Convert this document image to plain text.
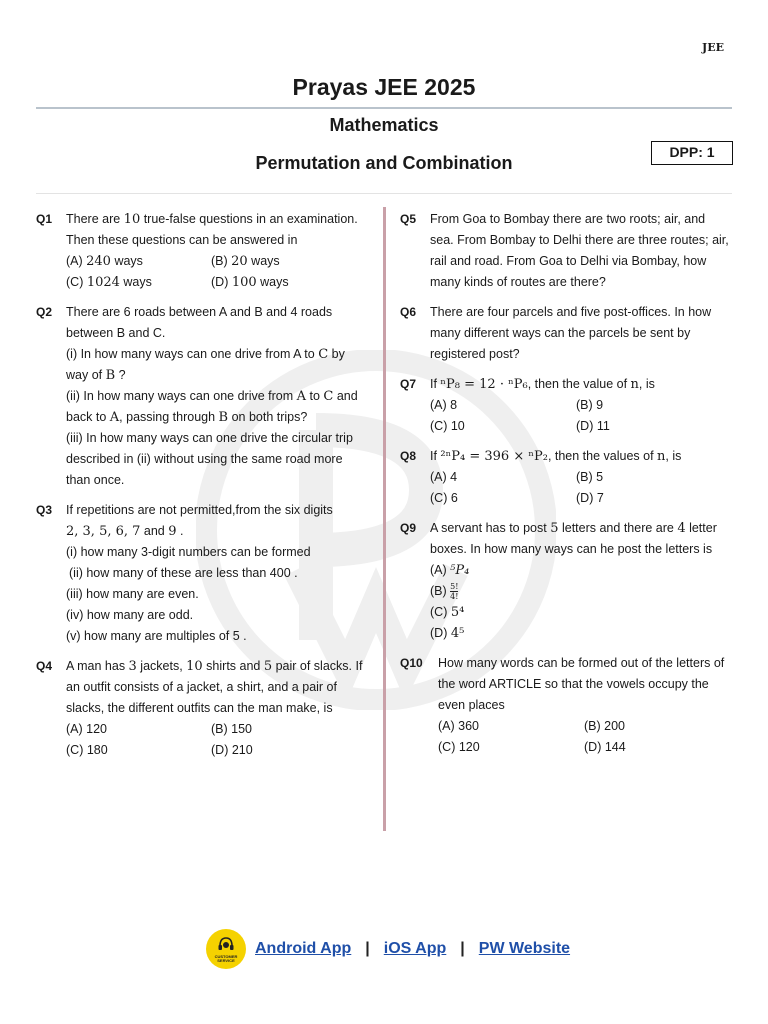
JEE
Prayas JEE 2025
Mathematics
Permutation and Combination
DPP: 1
Q1 There are 10 true-false questions in an examination. Then these questions can be answered in
(A) 240 ways	(B) 20 ways
(C) 1024 ways	(D) 100 ways
Q2 There are 6 roads between A and B and 4 roads between B and C.
(i) In how many ways can one drive from A to C by way of B ?
(ii) In how many ways can one drive from A to C and back to A, passing through B on both trips?
(iii) In how many ways can one drive the circular trip described in (ii) without using the same road more than once.
Q3 If repetitions are not permitted,from the six digits
2, 3, 5, 6, 7 and 9 .
(i) how many 3-digit numbers can be formed
(ii) how many of these are less than 400 .
(iii) how many are even.
(iv) how many are odd.
(v) how many are multiples of 5 .
Q4 A man has 3 jackets, 10 shirts and 5 pair of slacks. If an outfit consists of a jacket, a shirt, and a pair of slacks, the different outfits can the man make, is
(A) 120	(B) 150
(C) 180	(D) 210
Q5 From Goa to Bombay there are two roots; air, and sea. From Bombay to Delhi there are three routes; air, rail and road. From Goa to Delhi via Bombay, how many kinds of routes are there?
Q6 There are four parcels and five post-offices. In how many different ways can the parcels be sent by registered post?
Q7 If ⁿP₈ = 12 · ⁿP₆, then the value of n, is
(A) 8	(B) 9
(C) 10	(D) 11
Q8 If ²ⁿP₄ = 396 × ⁿP₂, then the values of n, is
(A) 4	(B) 5
(C) 6	(D) 7
Q9 A servant has to post 5 letters and there are 4 letter boxes. In how many ways can he post the letters is
(A) ⁵P₄
$(B) \frac{5!}{4!}$
(C) 5⁴
(D) 4⁵
Q10 How many words can be formed out of the letters of the word ARTICLE so that the vowels occupy the even places
(A) 360	(B) 200
(C) 120	(D) 144
CUSTOMER SERVICE
Android App | iOS App | PW Website
